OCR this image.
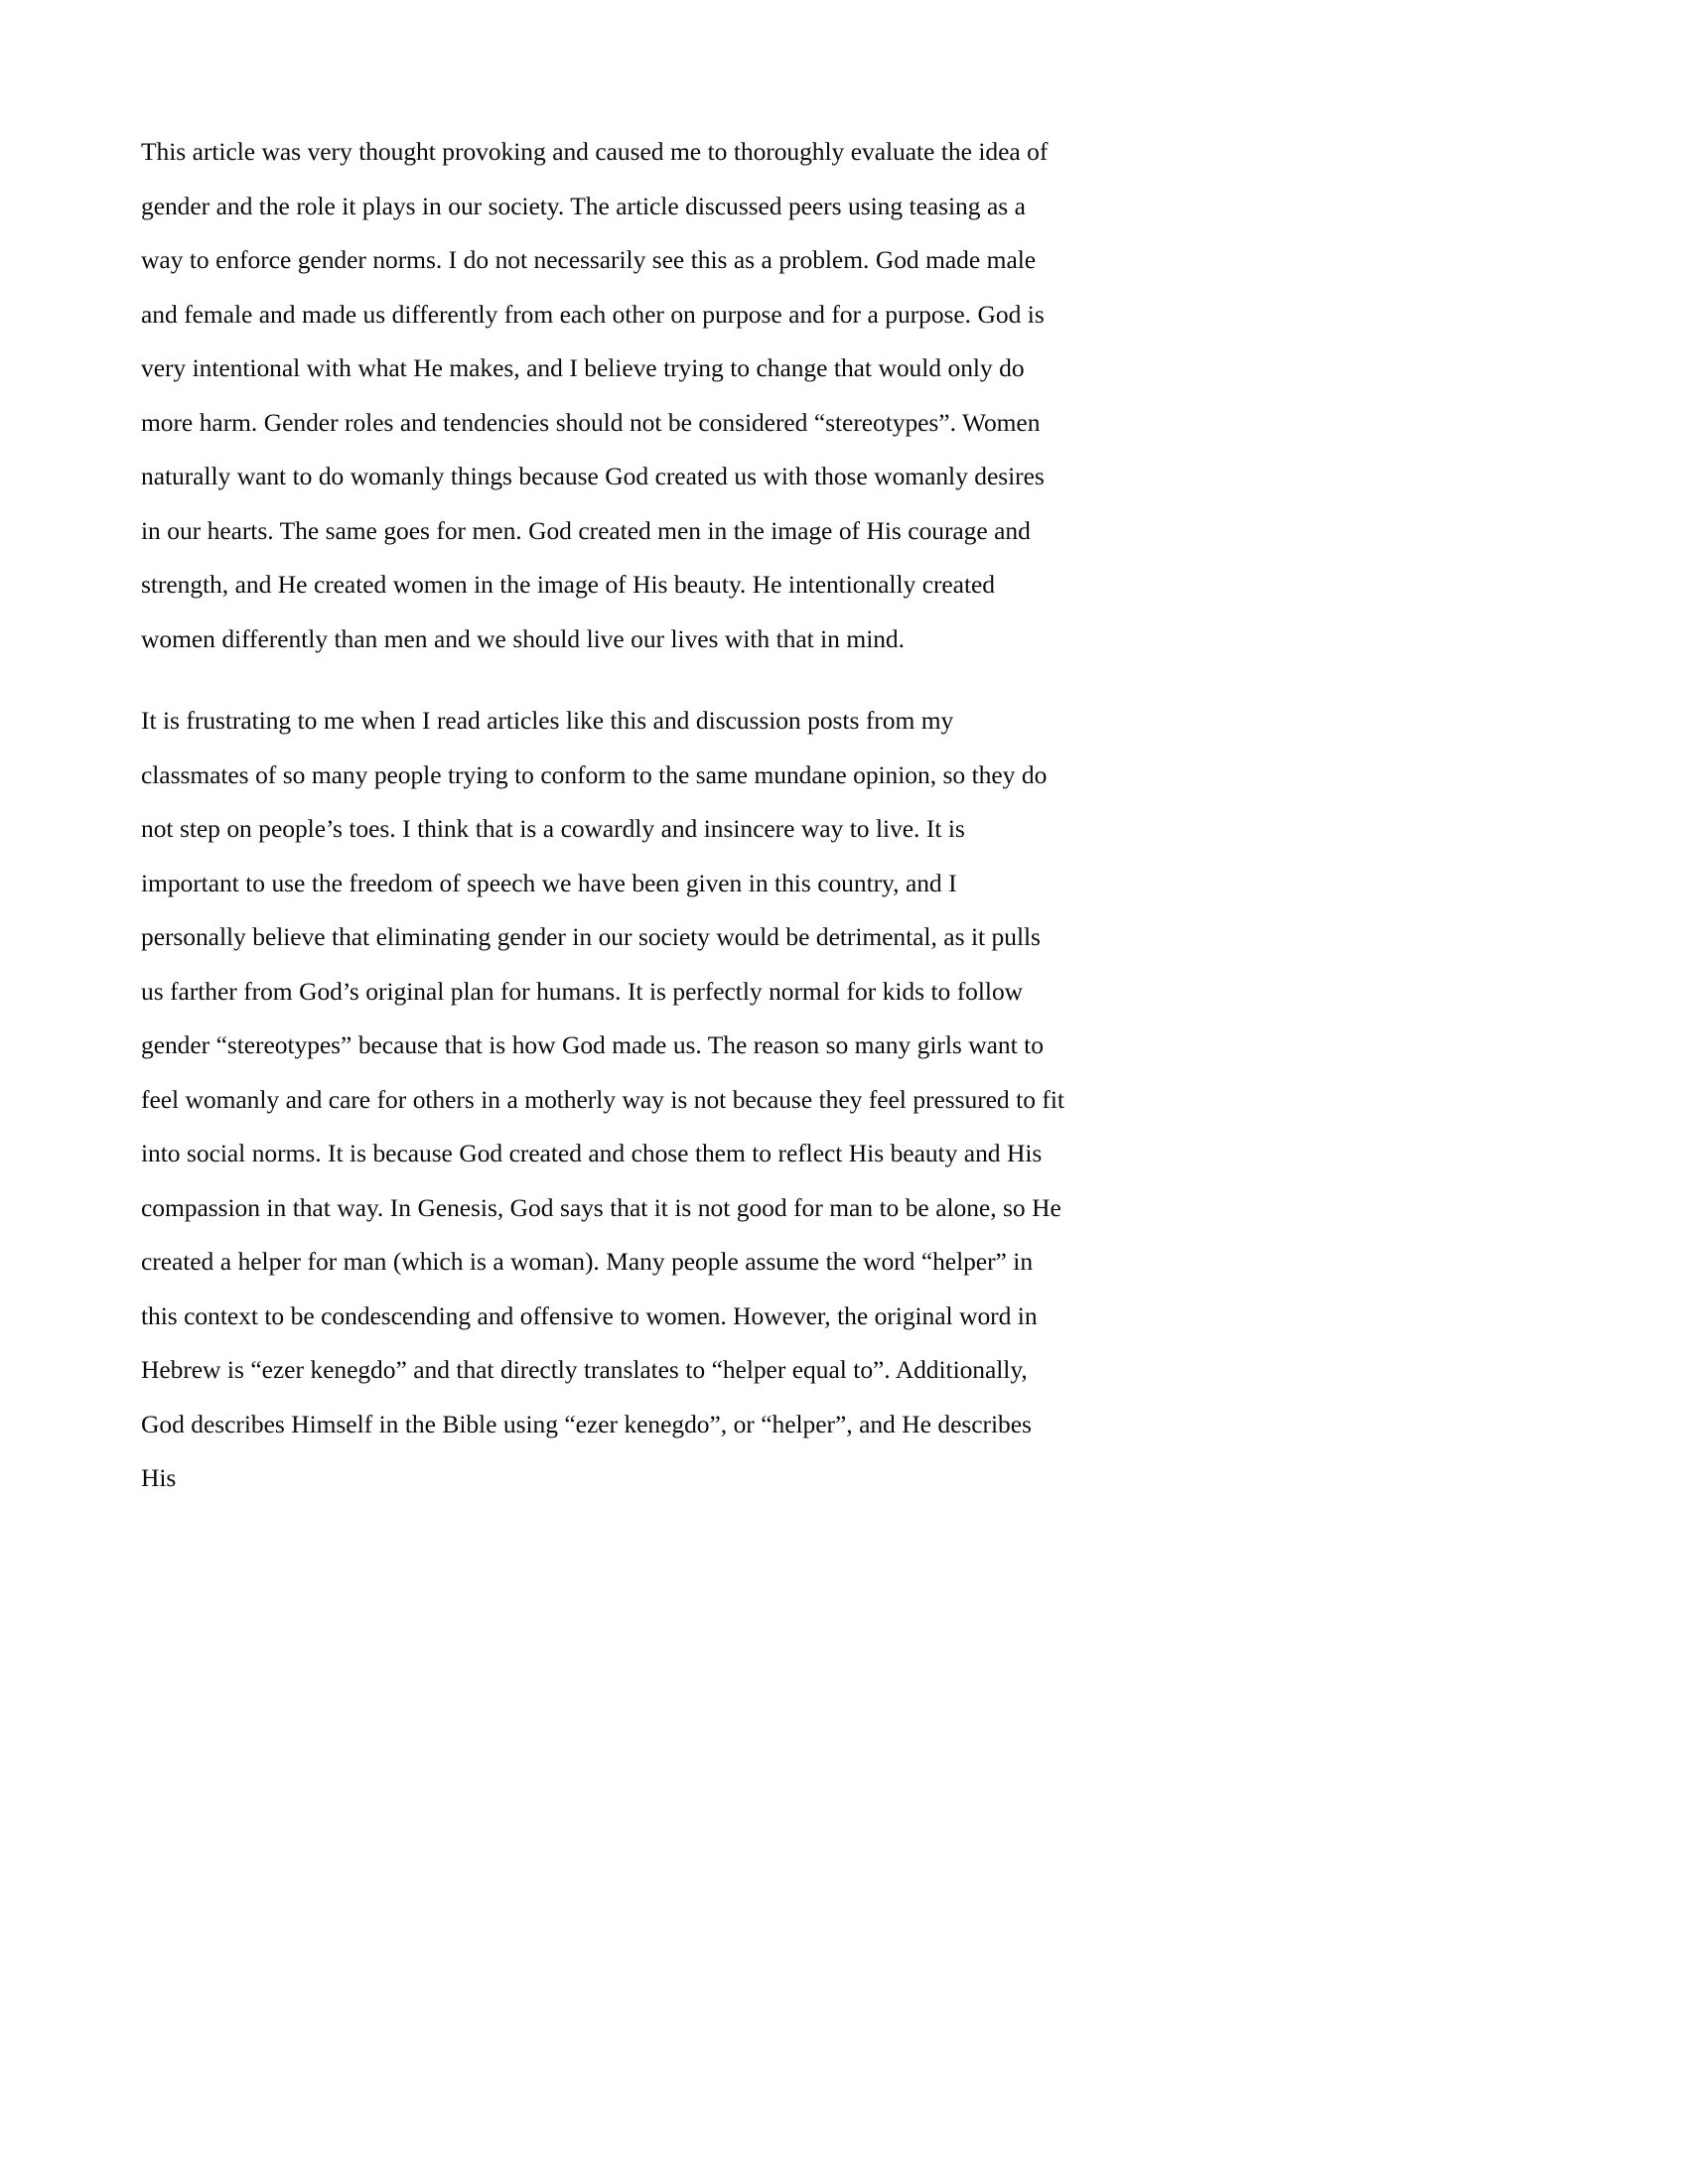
This article was very thought provoking and caused me to thoroughly evaluate the idea of gender and the role it plays in our society. The article discussed peers using teasing as a way to enforce gender norms. I do not necessarily see this as a problem. God made male and female and made us differently from each other on purpose and for a purpose. God is very intentional with what He makes, and I believe trying to change that would only do more harm. Gender roles and tendencies should not be considered “stereotypes”. Women naturally want to do womanly things because God created us with those womanly desires in our hearts. The same goes for men. God created men in the image of His courage and strength, and He created women in the image of His beauty. He intentionally created women differently than men and we should live our lives with that in mind.

It is frustrating to me when I read articles like this and discussion posts from my classmates of so many people trying to conform to the same mundane opinion, so they do not step on people’s toes. I think that is a cowardly and insincere way to live. It is important to use the freedom of speech we have been given in this country, and I personally believe that eliminating gender in our society would be detrimental, as it pulls us farther from God’s original plan for humans. It is perfectly normal for kids to follow gender “stereotypes” because that is how God made us. The reason so many girls want to feel womanly and care for others in a motherly way is not because they feel pressured to fit into social norms. It is because God created and chose them to reflect His beauty and His compassion in that way. In Genesis, God says that it is not good for man to be alone, so He created a helper for man (which is a woman). Many people assume the word “helper” in this context to be condescending and offensive to women. However, the original word in Hebrew is “ezer kenegdo” and that directly translates to “helper equal to”. Additionally, God describes Himself in the Bible using “ezer kenegdo”, or “helper”, and He describes His
